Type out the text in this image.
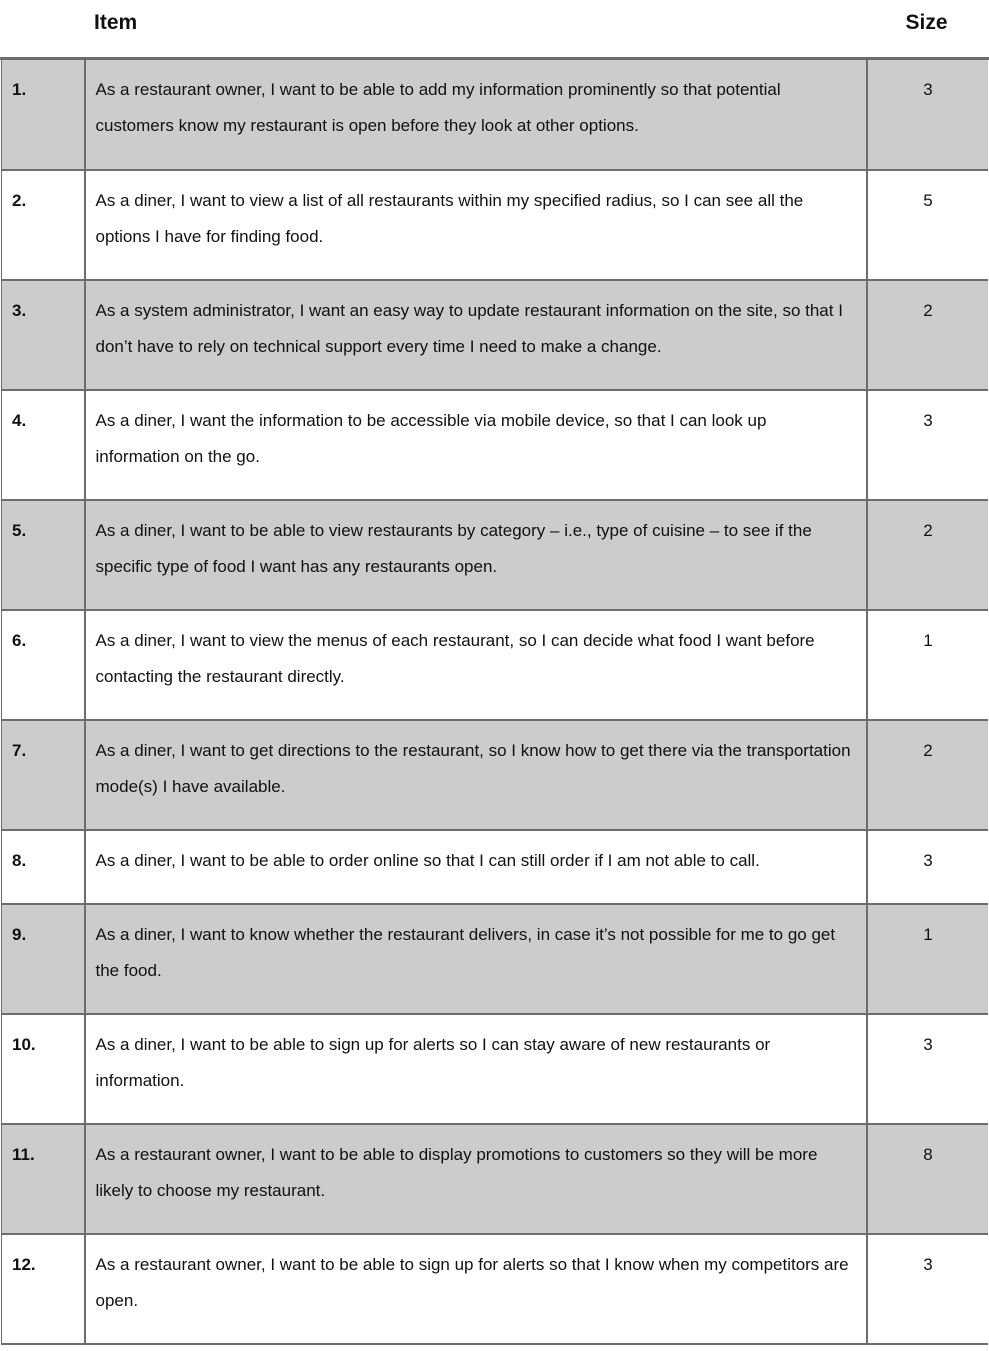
Item	Size
1.	As a restaurant owner, I want to be able to add my information prominently so that potential customers know my restaurant is open before they look at other options.	3
2.	As a diner, I want to view a list of all restaurants within my specified radius, so I can see all the options I have for finding food.	5
3.	As a system administrator, I want an easy way to update restaurant information on the site, so that I don’t have to rely on technical support every time I need to make a change.	2
4.	As a diner, I want the information to be accessible via mobile device, so that I can look up information on the go.	3
5.	As a diner, I want to be able to view restaurants by category – i.e., type of cuisine – to see if the specific type of food I want has any restaurants open.	2
6.	As a diner, I want to view the menus of each restaurant, so I can decide what food I want before contacting the restaurant directly.	1
7.	As a diner, I want to get directions to the restaurant, so I know how to get there via the transportation mode(s) I have available.	2
8.	As a diner, I want to be able to order online so that I can still order if I am not able to call.	3
9.	As a diner, I want to know whether the restaurant delivers, in case it’s not possible for me to go get the food.	1
10.	As a diner, I want to be able to sign up for alerts so I can stay aware of new restaurants or information.	3
11.	As a restaurant owner, I want to be able to display promotions to customers so they will be more likely to choose my restaurant.	8
12.	As a restaurant owner, I want to be able to sign up for alerts so that I know when my competitors are open.	3
